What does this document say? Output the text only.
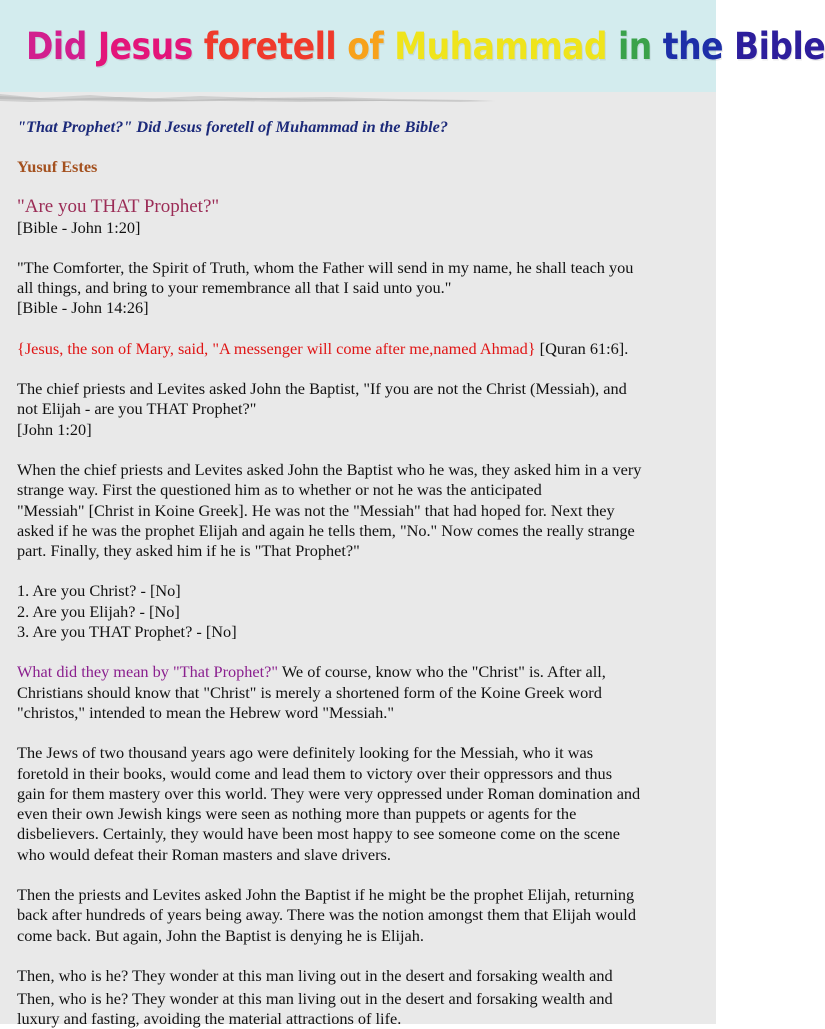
Did Jesus foretell of Muhammad in the Bible

"That Prophet?" Did Jesus foretell of Muhammad in the Bible?

Yusuf Estes

"Are you THAT Prophet?"

[Bible - John 1:20]

"The Comforter, the Spirit of Truth, whom the Father will send in my name, he shall teach you

all things, and bring to your remembrance all that I said unto you."

[Bible - John 14:26]

{Jesus, the son of Mary, said, "A messenger will come after me,named Ahmad} [Quran 61:6].

The chief priests and Levites asked John the Baptist, "If you are not the Christ (Messiah), and

not Elijah - are you THAT Prophet?"

[John 1:20]

When the chief priests and Levites asked John the Baptist who he was, they asked him in a very

strange way. First the questioned him as to whether or not he was the anticipated

"Messiah" [Christ in Koine Greek]. He was not the "Messiah" that had hoped for. Next they

asked if he was the prophet Elijah and again he tells them, "No." Now comes the really strange

part. Finally, they asked him if he is "That Prophet?"

1. Are you Christ? - [No]

2. Are you Elijah? - [No]

3. Are you THAT Prophet? - [No]

What did they mean by "That Prophet?" We of course, know who the "Christ" is. After all,

Christians should know that "Christ" is merely a shortened form of the Koine Greek word

"christos," intended to mean the Hebrew word "Messiah."

The Jews of two thousand years ago were definitely looking for the Messiah, who it was

foretold in their books, would come and lead them to victory over their oppressors and thus

gain for them mastery over this world. They were very oppressed under Roman domination and

even their own Jewish kings were seen as nothing more than puppets or agents for the

disbelievers. Certainly, they would have been most happy to see someone come on the scene

who would defeat their Roman masters and slave drivers.

Then the priests and Levites asked John the Baptist if he might be the prophet Elijah, returning

back after hundreds of years being away. There was the notion amongst them that Elijah would

come back. But again, John the Baptist is denying he is Elijah.

Then, who is he? They wonder at this man living out in the desert and forsaking wealth and

Then, who is he? They wonder at this man living out in the desert and forsaking wealth and

luxury and fasting, avoiding the material attractions of life.
